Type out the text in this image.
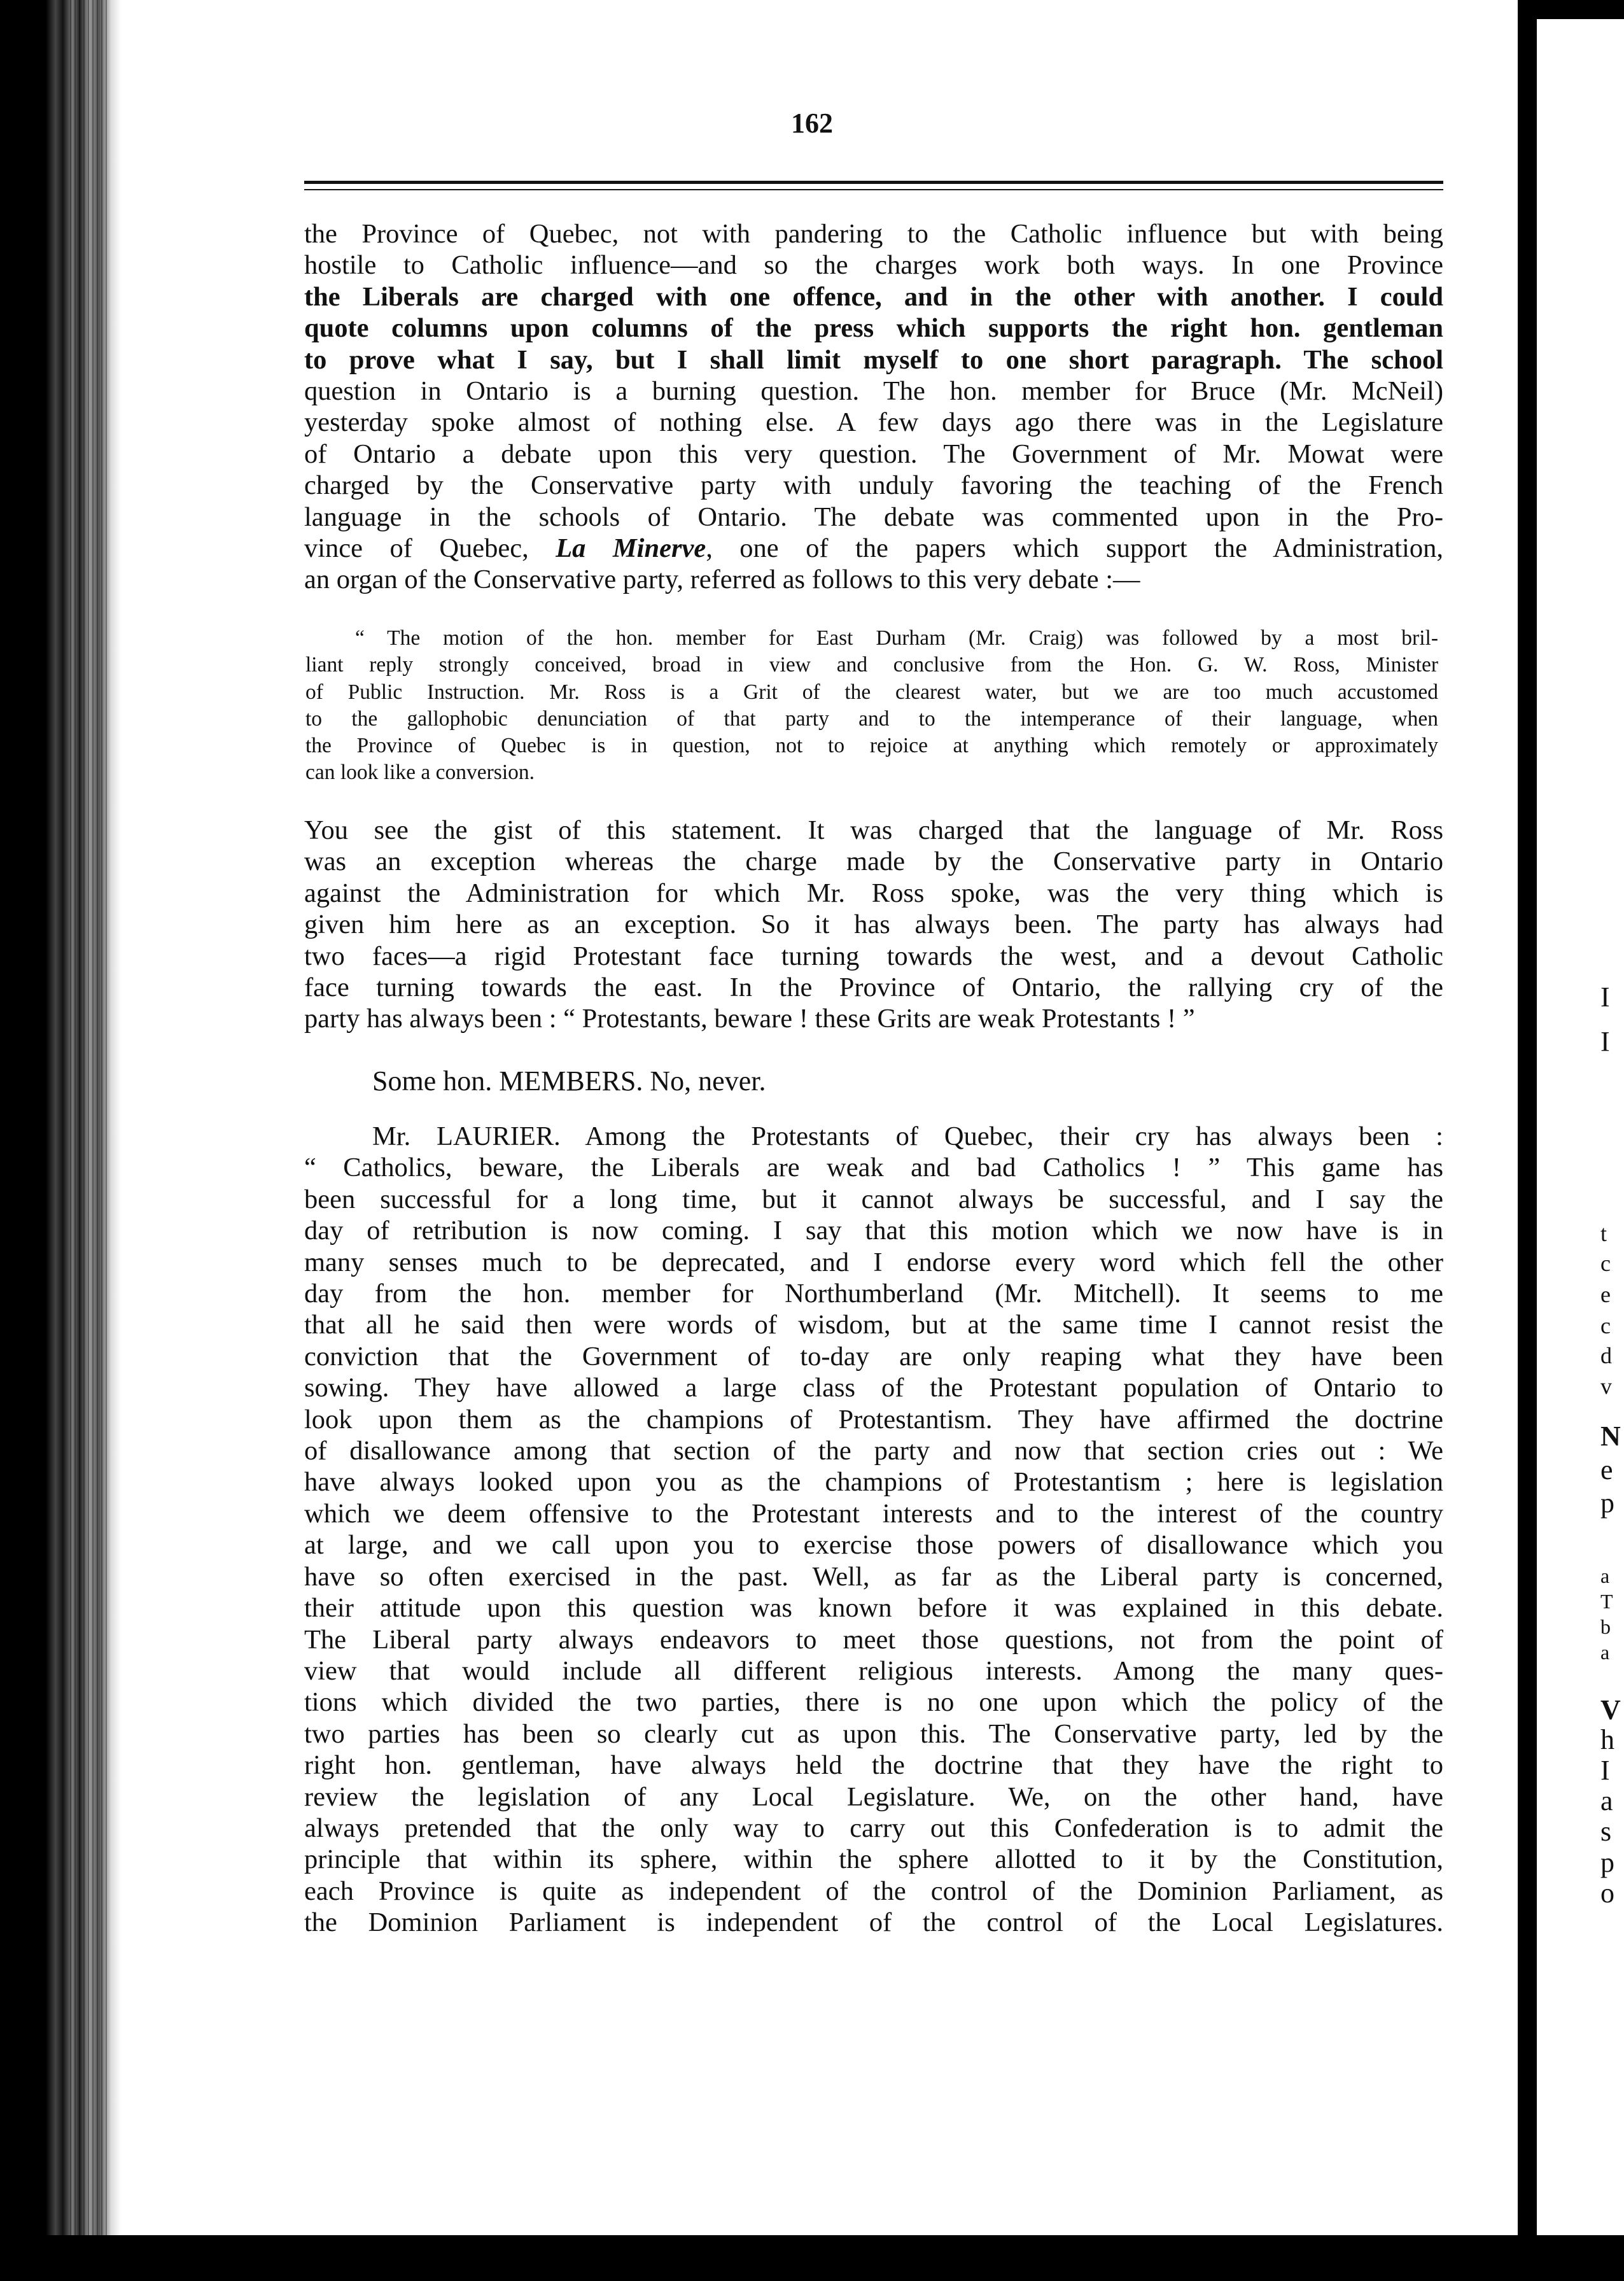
I
I
t
c
e
c
d
v
N
e
p
a
T
b
a
V
h
I
a
s
p
o
162
the Province of Quebec, not with pandering to the Catholic influence but with being
hostile to Catholic influence—and so the charges work both ways. In one Province
the Liberals are charged with one offence, and in the other with another. I could
quote columns upon columns of the press which supports the right hon. gentleman
to prove what I say, but I shall limit myself to one short paragraph. The school
question in Ontario is a burning question. The hon. member for Bruce (Mr. McNeil)
yesterday spoke almost of nothing else. A few days ago there was in the Legislature
of Ontario a debate upon this very question. The Government of Mr. Mowat were
charged by the Conservative party with unduly favoring the teaching of the French
language in the schools of Ontario. The debate was commented upon in the Pro-
vince of Quebec, La Minerve, one of the papers which support the Administration,
an organ of the Conservative party, referred as follows to this very debate :—
“ The motion of the hon. member for East Durham (Mr. Craig) was followed by a most bril-
liant reply strongly conceived, broad in view and conclusive from the Hon. G. W. Ross, Minister
of Public Instruction. Mr. Ross is a Grit of the clearest water, but we are too much accustomed
to the gallophobic denunciation of that party and to the intemperance of their language, when
the Province of Quebec is in question, not to rejoice at anything which remotely or approximately
can look like a conversion.
You see the gist of this statement. It was charged that the language of Mr. Ross
was an exception whereas the charge made by the Conservative party in Ontario
against the Administration for which Mr. Ross spoke, was the very thing which is
given him here as an exception. So it has always been. The party has always had
two faces—a rigid Protestant face turning towards the west, and a devout Catholic
face turning towards the east. In the Province of Ontario, the rallying cry of the
party has always been : “ Protestants, beware ! these Grits are weak Protestants ! ”
Some hon. MEMBERS. No, never.
Mr. LAURIER. Among the Protestants of Quebec, their cry has always been :
“ Catholics, beware, the Liberals are weak and bad Catholics ! ” This game has
been successful for a long time, but it cannot always be successful, and I say the
day of retribution is now coming. I say that this motion which we now have is in
many senses much to be deprecated, and I endorse every word which fell the other
day from the hon. member for Northumberland (Mr. Mitchell). It seems to me
that all he said then were words of wisdom, but at the same time I cannot resist the
conviction that the Government of to-day are only reaping what they have been
sowing. They have allowed a large class of the Protestant population of Ontario to
look upon them as the champions of Protestantism. They have affirmed the doctrine
of disallowance among that section of the party and now that section cries out : We
have always looked upon you as the champions of Protestantism ; here is legislation
which we deem offensive to the Protestant interests and to the interest of the country
at large, and we call upon you to exercise those powers of disallowance which you
have so often exercised in the past. Well, as far as the Liberal party is concerned,
their attitude upon this question was known before it was explained in this debate.
The Liberal party always endeavors to meet those questions, not from the point of
view that would include all different religious interests. Among the many ques-
tions which divided the two parties, there is no one upon which the policy of the
two parties has been so clearly cut as upon this. The Conservative party, led by the
right hon. gentleman, have always held the doctrine that they have the right to
review the legislation of any Local Legislature. We, on the other hand, have
always pretended that the only way to carry out this Confederation is to admit the
principle that within its sphere, within the sphere allotted to it by the Constitution,
each Province is quite as independent of the control of the Dominion Parliament, as
the Dominion Parliament is independent of the control of the Local Legislatures.
